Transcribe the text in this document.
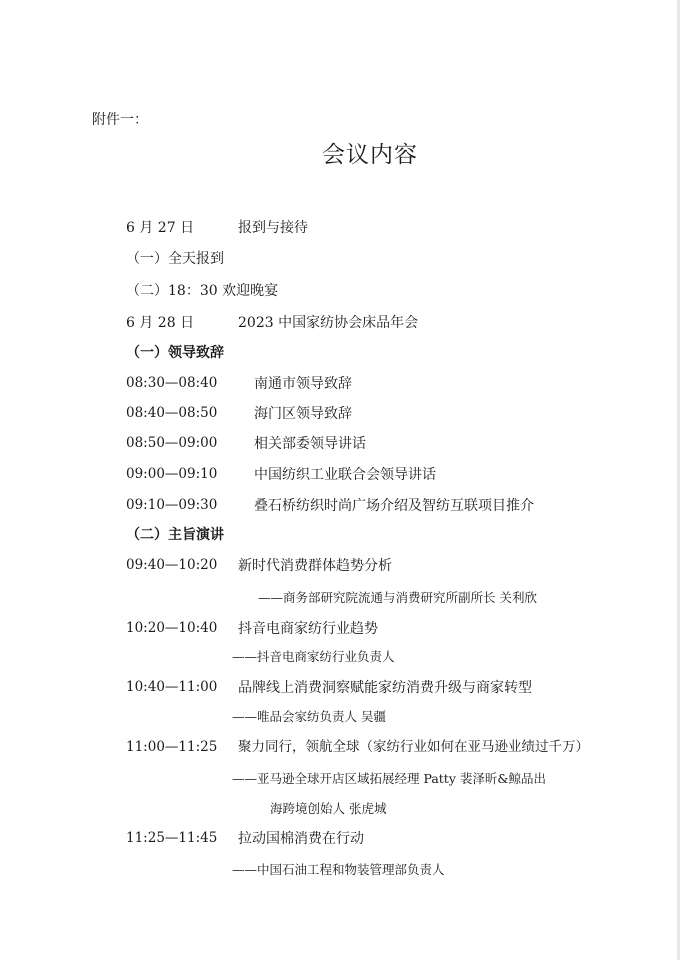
附件一：
会议内容
6 月 27 日	报到与接待
（一）全天报到
（二）18：30 欢迎晚宴
6 月 28 日	2023 中国家纺协会床品年会
（一）领导致辞
08:30—08:40	南通市领导致辞
08:40—08:50	海门区领导致辞
08:50—09:00	相关部委领导讲话
09:00—09:10	中国纺织工业联合会领导讲话
09:10—09:30	叠石桥纺织时尚广场介绍及智纺互联项目推介
（二）主旨演讲
09:40—10:20 新时代消费群体趋势分析
——商务部研究院流通与消费研究所副所长 关利欣
10:20—10:40 抖音电商家纺行业趋势
——抖音电商家纺行业负责人
10:40—11:00 品牌线上消费洞察赋能家纺消费升级与商家转型
——唯品会家纺负责人 吴疆
11:00—11:25 聚力同行，领航全球（家纺行业如何在亚马逊业绩过千万）
——亚马逊全球开店区域拓展经理 Patty 裴泽昕&鲸品出
海跨境创始人 张虎城
11:25—11:45 拉动国棉消费在行动
——中国石油工程和物装管理部负责人
